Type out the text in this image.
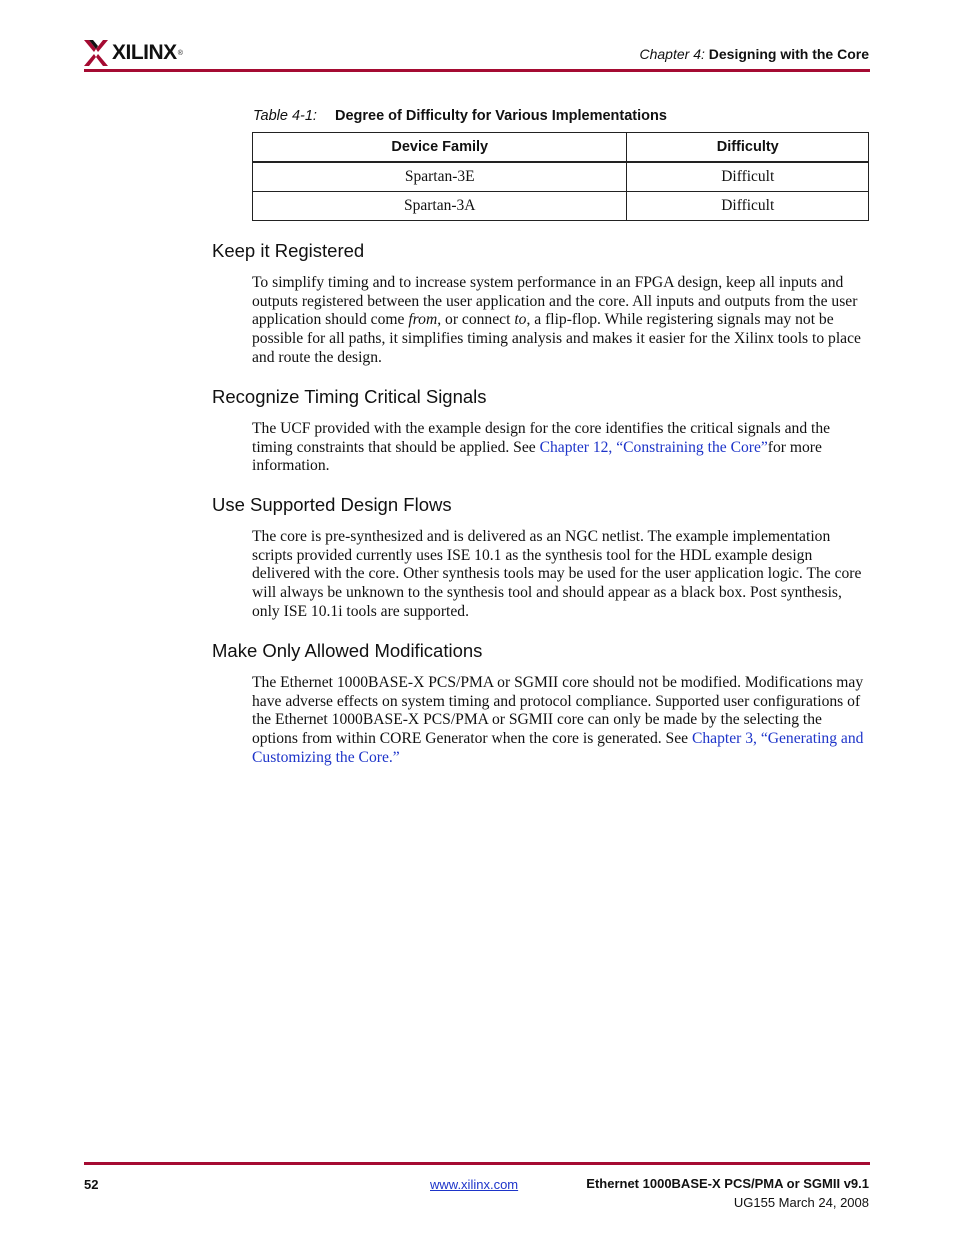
XILINX ®	Chapter 4: Designing with the Core
Table 4-1: Degree of Difficulty for Various Implementations
Device Family	Difficulty
Spartan-3E	Difficult
Spartan-3A	Difficult
Keep it Registered

To simplify timing and to increase system performance in an FPGA design, keep all inputs and outputs registered between the user application and the core. All inputs and outputs from the user application should come from, or connect to, a flip-flop. While registering signals may not be possible for all paths, it simplifies timing analysis and makes it easier for the Xilinx tools to place and route the design.

Recognize Timing Critical Signals

The UCF provided with the example design for the core identifies the critical signals and the timing constraints that should be applied. See Chapter 12, “Constraining the Core”for more information.

Use Supported Design Flows

The core is pre-synthesized and is delivered as an NGC netlist. The example implementation scripts provided currently uses ISE 10.1 as the synthesis tool for the HDL example design delivered with the core. Other synthesis tools may be used for the user application logic. The core will always be unknown to the synthesis tool and should appear as a black box. Post synthesis, only ISE 10.1i tools are supported.

Make Only Allowed Modifications

The Ethernet 1000BASE-X PCS/PMA or SGMII core should not be modified. Modifications may have adverse effects on system timing and protocol compliance. Supported user configurations of the Ethernet 1000BASE-X PCS/PMA or SGMII core can only be made by the selecting the options from within CORE Generator when the core is generated. See Chapter 3, “Generating and Customizing the Core.”

52	www.xilinx.com	Ethernet 1000BASE-X PCS/PMA or SGMII v9.1
UG155 March 24, 2008
